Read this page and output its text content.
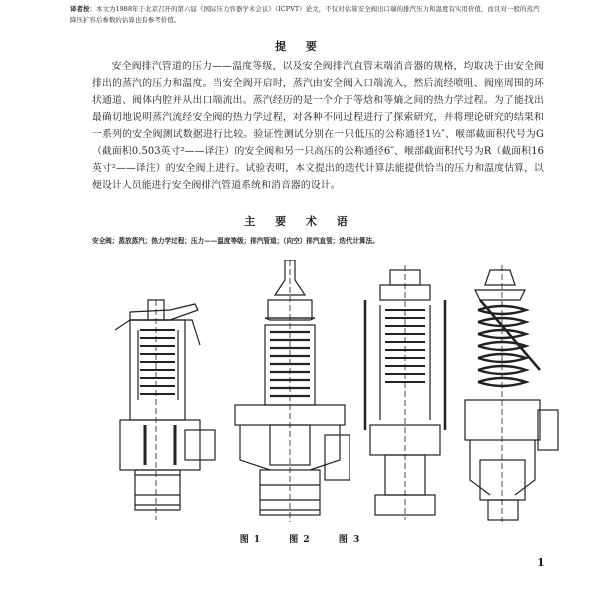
译者按：本文为1988年于北京召开的第六届《国际压力容器学术会议》（ICPVT）论文，不仅对估算安全阀出口端的排汽压力和温度有实用价值，而且对一般的蒸汽降压扩容后参数的估算也有参考价值。
提 要

安全阀排汽管道的压力——温度等级，以及安全阀排汽直管末端消音器的规格，均取决于由安全阀排出的蒸汽的压力和温度。当安全阀开启时，蒸汽由安全阀入口端流入，然后流经喷咀、阀座周围的环状通道、阀体内腔并从出口端流出。蒸汽经历的是一个介于等焓和等熵之间的热力学过程。为了能找出最确切地说明蒸汽流经安全阀的热力学过程，对各种不同过程进行了探索研究，并将理论研究的结果和一系列的安全阀测试数据进行比较。验证性测试分别在一只低压的公称通径1½″、喉部截面积代号为G（截面积0.503英寸²——译注）的安全阀和另一只高压的公称通径6″、喉部截面积代号为R（截面积16英寸²——译注）的安全阀上进行。试验表明，本文提出的迭代计算法能提供恰当的压力和温度估算，以便设计人员能进行安全阀排汽管道系统和消音器的设计。

主 要 术 语
安全阀；蒸放蒸汽；热力学过程；压力——温度等级；排汽管道；（向空）排汽直管；迭代计算法。
图 1	图 2	图 3
1
